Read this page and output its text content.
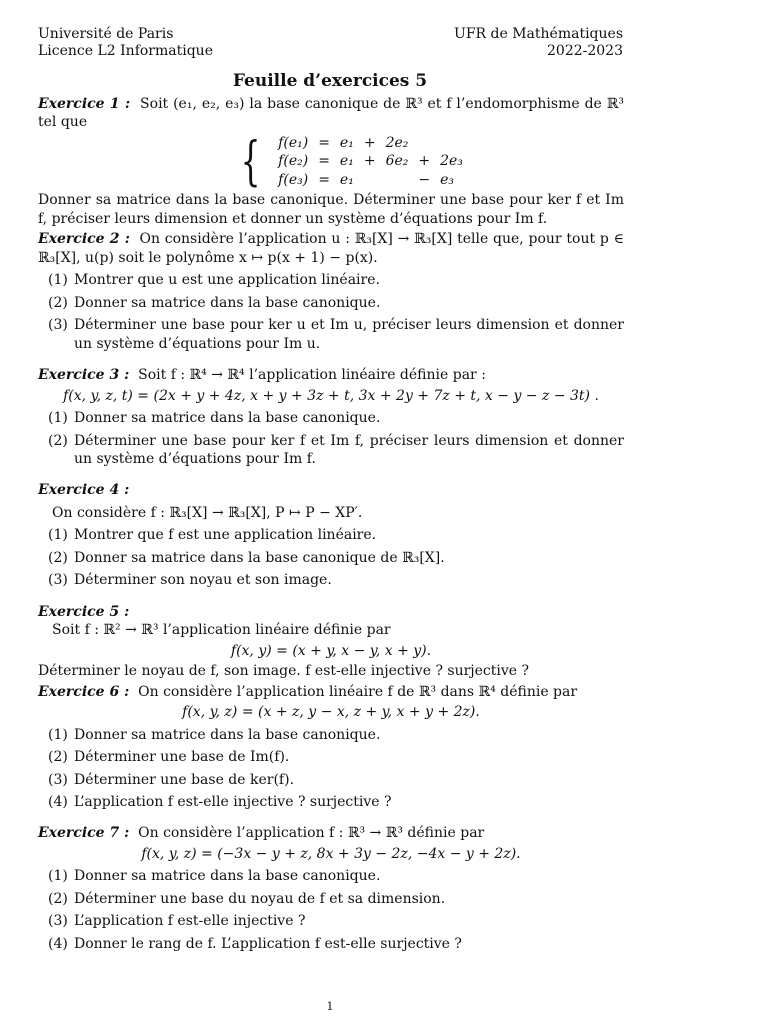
Université de Paris
Licence L2 Informatique
UFR de Mathématiques
2022-2023
Feuille d’exercices 5

Exercice 1 : Soit (e₁, e₂, e₃) la base canonique de ℝ³ et f l’endomorphisme de ℝ³ tel que

{ f(e₁)	=	e₁	+	2e₂		
f(e₂)	=	e₁	+	6e₂	+	2e₃
f(e₃)	=	e₁			−	e₃

Donner sa matrice dans la base canonique. Déterminer une base pour ker f et Im f, préciser leurs dimension et donner un système d’équations pour Im f.

Exercice 2 : On considère l’application u : ℝ₃[X] → ℝ₃[X] telle que, pour tout p ∈ ℝ₃[X], u(p) soit le polynôme x ↦ p(x + 1) − p(x).

(1) Montrer que u est une application linéaire.
(2) Donner sa matrice dans la base canonique.
(3) Déterminer une base pour ker u et Im u, préciser leurs dimension et donner un système d’équations pour Im u.

Exercice 3 : Soit f : ℝ⁴ → ℝ⁴ l’application linéaire définie par :

f(x, y, z, t) = (2x + y + 4z, x + y + 3z + t, 3x + 2y + 7z + t, x − y − z − 3t) .

(1) Donner sa matrice dans la base canonique.
(2) Déterminer une base pour ker f et Im f, préciser leurs dimension et donner un système d’équations pour Im f.

Exercice 4 :

On considère f : ℝ₃[X] → ℝ₃[X], P ↦ P − XP′.

(1) Montrer que f est une application linéaire.
(2) Donner sa matrice dans la base canonique de ℝ₃[X].
(3) Déterminer son noyau et son image.

Exercice 5 :

Soit f : ℝ² → ℝ³ l’application linéaire définie par

f(x, y) = (x + y, x − y, x + y).

Déterminer le noyau de f, son image. f est-elle injective ? surjective ?

Exercice 6 : On considère l’application linéaire f de ℝ³ dans ℝ⁴ définie par

f(x, y, z) = (x + z, y − x, z + y, x + y + 2z).

(1) Donner sa matrice dans la base canonique.
(2) Déterminer une base de Im(f).
(3) Déterminer une base de ker(f).
(4) L’application f est-elle injective ? surjective ?

Exercice 7 : On considère l’application f : ℝ³ → ℝ³ définie par

f(x, y, z) = (−3x − y + z, 8x + 3y − 2z, −4x − y + 2z).

(1) Donner sa matrice dans la base canonique.
(2) Déterminer une base du noyau de f et sa dimension.
(3) L’application f est-elle injective ?
(4) Donner le rang de f. L’application f est-elle surjective ?
1
